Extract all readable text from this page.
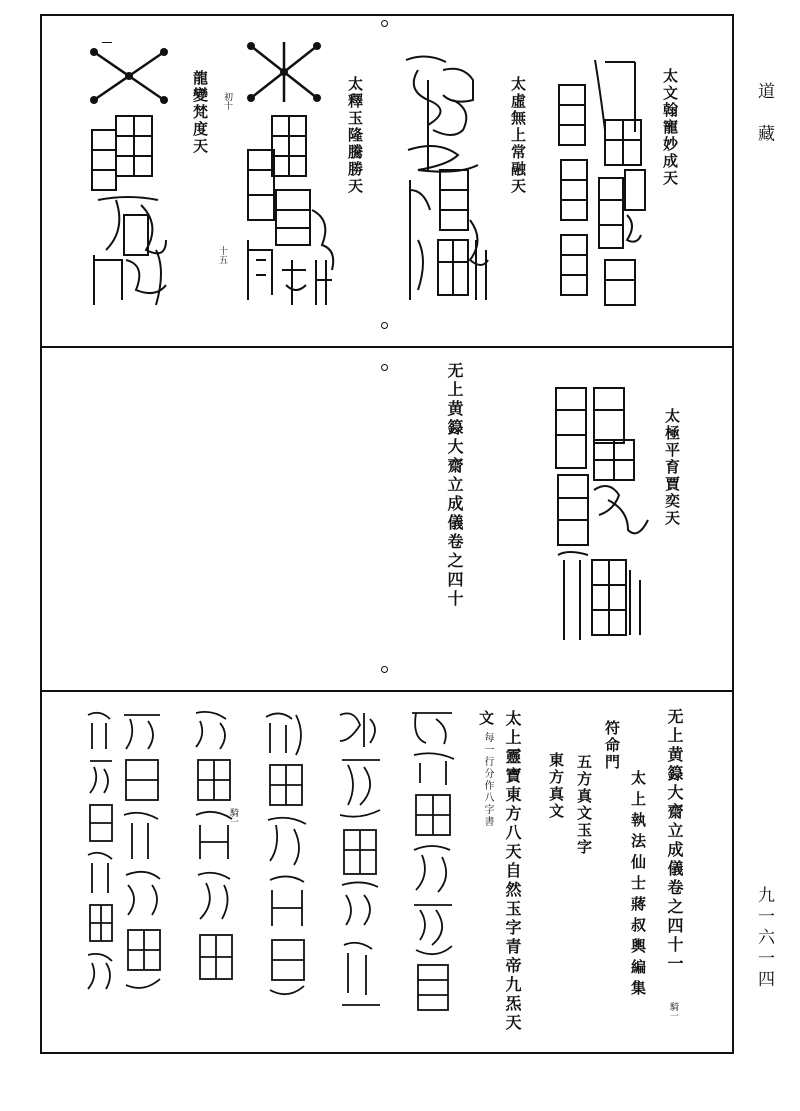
道 藏
九一六一四
太文翰寵妙成天
太虛無上常融天
太釋玉隆騰勝天
龍變梵度天 初十
十五
太極平育賈奕天
无上黄籙大齋立成儀卷之四十
无上黄籙大齋立成儀卷之四十一
騎一
太上執法仙士蔣叔輿編集
符命門
五方真文玉字
東方真文
太上靈寶東方八天自然玉字青帝九炁天
文
每一行分作八字書
騎一
